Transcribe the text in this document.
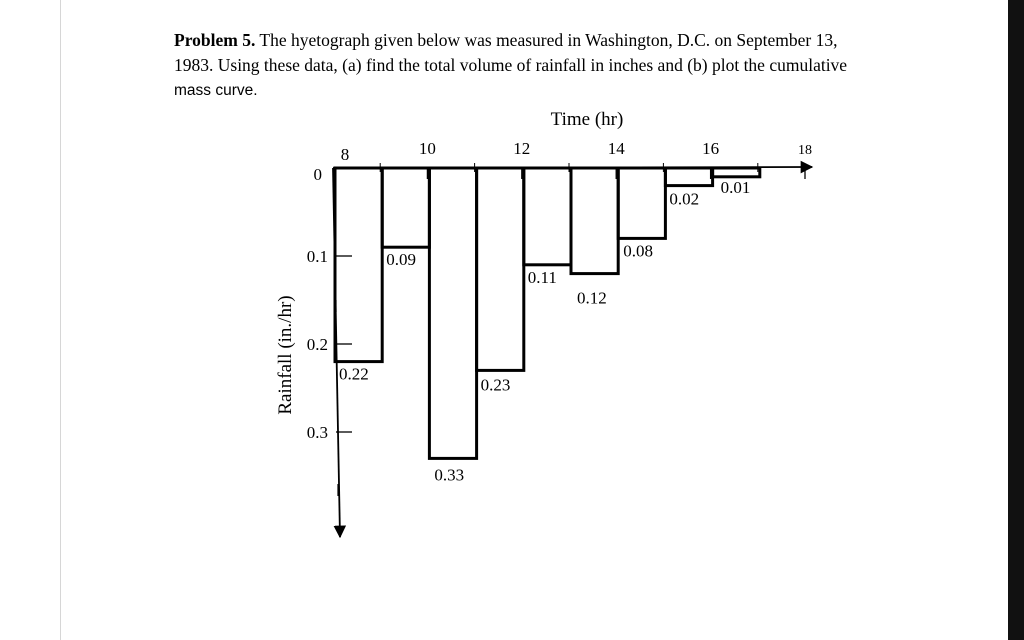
Problem 5. The hyetograph given below was measured in Washington, D.C. on September 13,
1983. Using these data, (a) find the total volume of rainfall in inches and (b) plot the cumulative
mass curve.
Time (hr)
Rainfall (in./hr)
8	10	12	14	16	18
0
0.1
0.2
0.3
0.22
0.09
0.33
0.23
0.11
0.12
0.08
0.02
0.01
